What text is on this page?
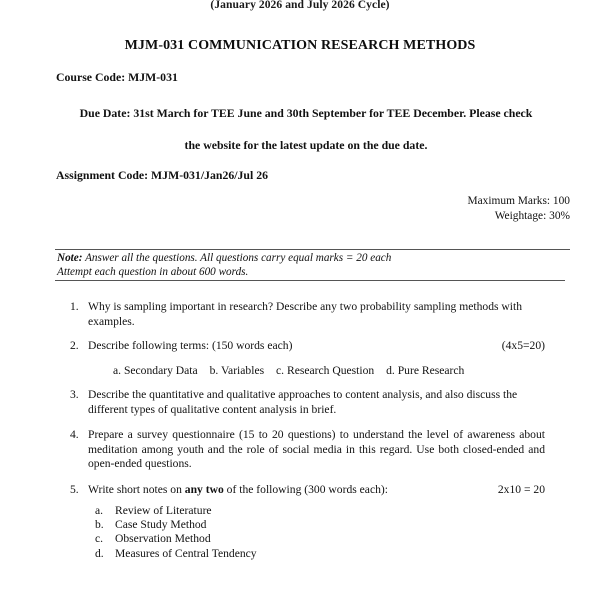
(January 2026 and July 2026 Cycle)
MJM-031 COMMUNICATION RESEARCH METHODS
Course Code: MJM-031
Due Date: 31st March for TEE June and 30th September for TEE December. Please check
the website for the latest update on the due date.
Assignment Code: MJM-031/Jan26/Jul 26
Maximum Marks: 100
Weightage: 30%
Note: Answer all the questions. All questions carry equal marks = 20 each
Attempt each question in about 600 words.
1. Why is sampling important in research? Describe any two probability sampling methods with examples.
2.	(4x5=20)
Describe following terms: (150 words each)
a. Secondary Data b. Variables c. Research Question d. Pure Research
3. Describe the quantitative and qualitative approaches to content analysis, and also discuss the different types of qualitative content analysis in brief.
4. Prepare a survey questionnaire (15 to 20 questions) to understand the level of awareness about meditation among youth and the role of social media in this regard. Use both closed-ended and open-ended questions.
5.	2x10 = 20
Write short notes on any two of the following (300 words each):
a. Review of Literature
b. Case Study Method
c. Observation Method
d. Measures of Central Tendency
